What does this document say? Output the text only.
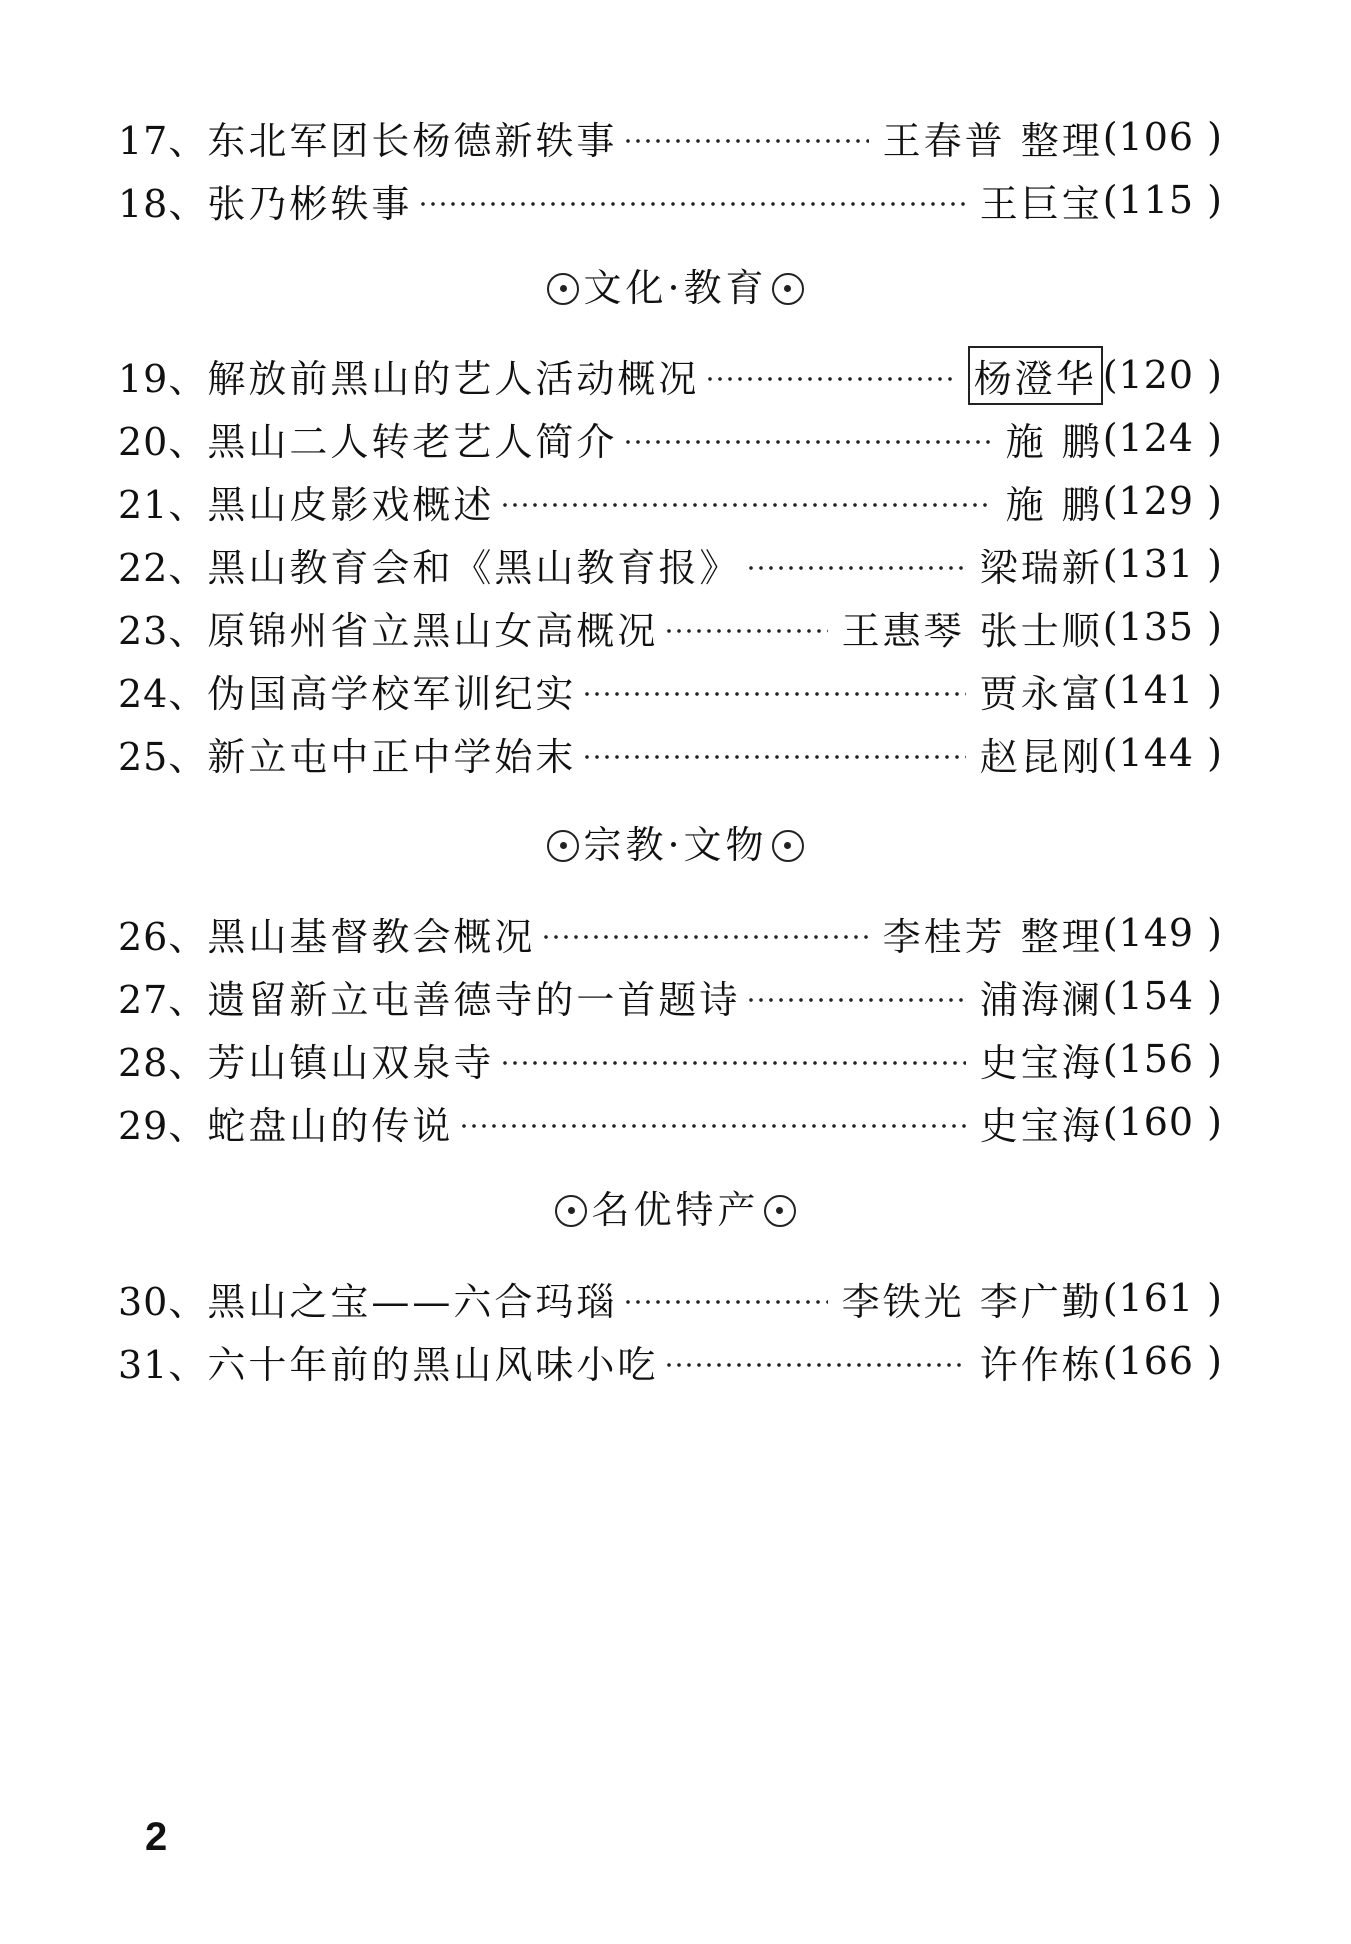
17、 东北军团长杨德新轶事	王春普 整理 (106 )
18、 张乃彬轶事	王巨宝 (115 )
文化·教育
19、 解放前黑山的艺人活动概况	杨澄华 (120 )
20、 黑山二人转老艺人简介	施 鹏 (124 )
21、 黑山皮影戏概述	施 鹏 (129 )
22、 黑山教育会和《黑山教育报》	梁瑞新 (131 )
23、 原锦州省立黑山女高概况	王惠琴 张士顺 (135 )
24、 伪国高学校军训纪实	贾永富 (141 )
25、 新立屯中正中学始末	赵昆刚 (144 )
宗教·文物
26、 黑山基督教会概况	李桂芳 整理 (149 )
27、 遗留新立屯善德寺的一首题诗	浦海澜 (154 )
28、 芳山镇山双泉寺	史宝海 (156 )
29、 蛇盘山的传说	史宝海 (160 )
名优特产
30、 黑山之宝——六合玛瑙	李铁光 李广勤 (161 )
31、 六十年前的黑山风味小吃	许作栋 (166 )
2
